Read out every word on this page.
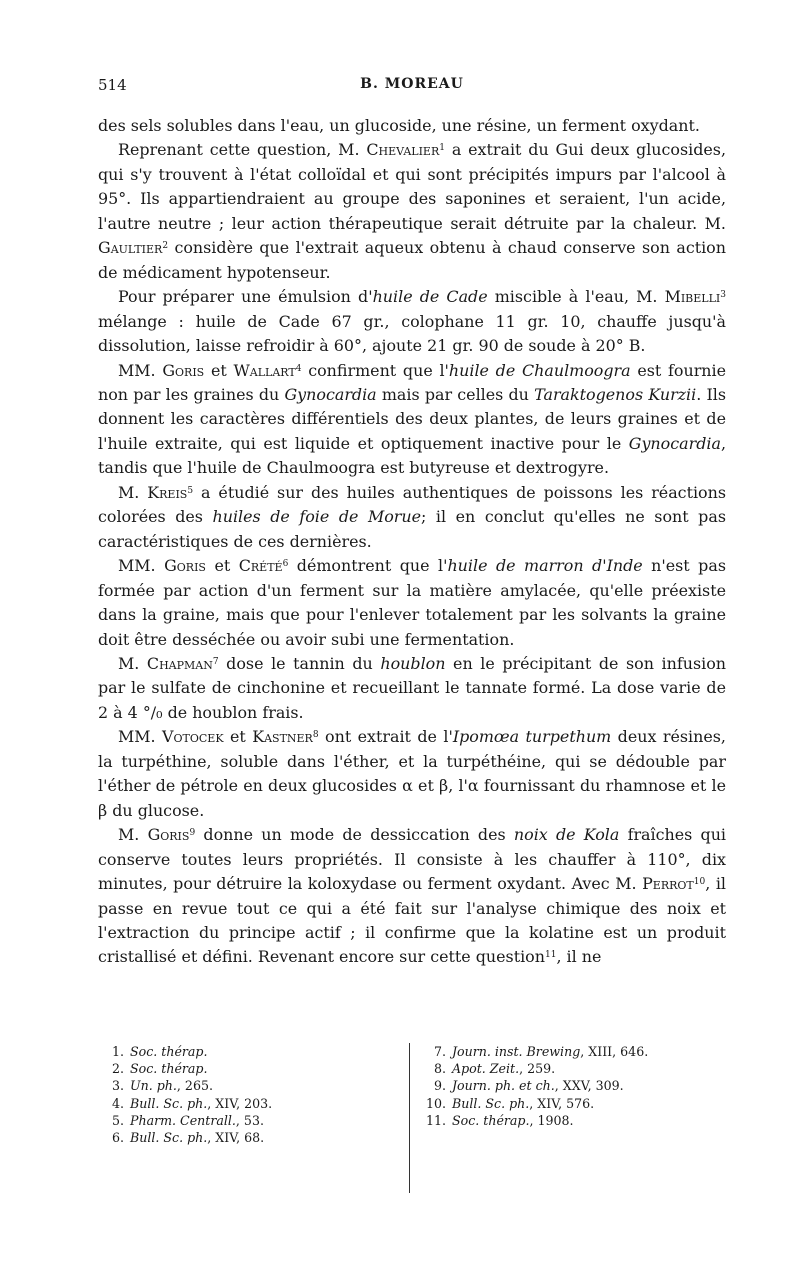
514	B. MOREAU

des sels solubles dans l'eau, un glucoside, une résine, un ferment oxydant.

Reprenant cette question, M. Chevalier$^1$ a extrait du Gui deux glucosides, qui s'y trouvent à l'état colloïdal et qui sont précipités impurs par l'alcool à 95°. Ils appartiendraient au groupe des saponines et seraient, l'un acide, l'autre neutre ; leur action thérapeutique serait détruite par la chaleur. M. Gaultier$^2$ considère que l'extrait aqueux obtenu à chaud conserve son action de médicament hypotenseur.

Pour préparer une émulsion d'huile de Cade miscible à l'eau, M. Mibelli$^3$ mélange : huile de Cade 67 gr., colophane 11 gr. 10, chauffe jusqu'à dissolution, laisse refroidir à 60°, ajoute 21 gr. 90 de soude à 20° B.

MM. Goris et Wallart$^4$ confirment que l'huile de Chaulmoogra est fournie non par les graines du Gynocardia mais par celles du Taraktogenos Kurzii. Ils donnent les caractères différentiels des deux plantes, de leurs graines et de l'huile extraite, qui est liquide et optiquement inactive pour le Gynocardia, tandis que l'huile de Chaulmoogra est butyreuse et dextrogyre.

M. Kreis$^5$ a étudié sur des huiles authentiques de poissons les réactions colorées des huiles de foie de Morue; il en conclut qu'elles ne sont pas caractéristiques de ces dernières.

MM. Goris et Crété$^6$ démontrent que l'huile de marron d'Inde n'est pas formée par action d'un ferment sur la matière amylacée, qu'elle préexiste dans la graine, mais que pour l'enlever totalement par les solvants la graine doit être desséchée ou avoir subi une fermentation.

M. Chapman$^7$ dose le tannin du houblon en le précipitant de son infusion par le sulfate de cinchonine et recueillant le tannate formé. La dose varie de 2 à 4 °/₀ de houblon frais.

MM. Votocek et Kastner$^8$ ont extrait de l'Ipomœa turpethum deux résines, la turpéthine, soluble dans l'éther, et la turpéthéine, qui se dédouble par l'éther de pétrole en deux glucosides α et β, l'α fournissant du rhamnose et le β du glucose.

M. Goris$^9$ donne un mode de dessiccation des noix de Kola fraîches qui conserve toutes leurs propriétés. Il consiste à les chauffer à 110°, dix minutes, pour détruire la koloxydase ou ferment oxydant. Avec M. Perrot$^{10}$, il passe en revue tout ce qui a été fait sur l'analyse chimique des noix et l'extraction du principe actif ; il confirme que la kolatine est un produit cristallisé et défini. Revenant encore sur cette question$^{11}$, il ne

1. Soc. thérap.
2. Soc. thérap.
3. Un. ph., 265.
4. Bull. Sc. ph., XIV, 203.
5. Pharm. Centrall., 53.
6. Bull. Sc. ph., XIV, 68.
7. Journ. inst. Brewing, XIII, 646.
8. Apot. Zeit., 259.
9. Journ. ph. et ch., XXV, 309.
10. Bull. Sc. ph., XIV, 576.
11. Soc. thérap., 1908.
